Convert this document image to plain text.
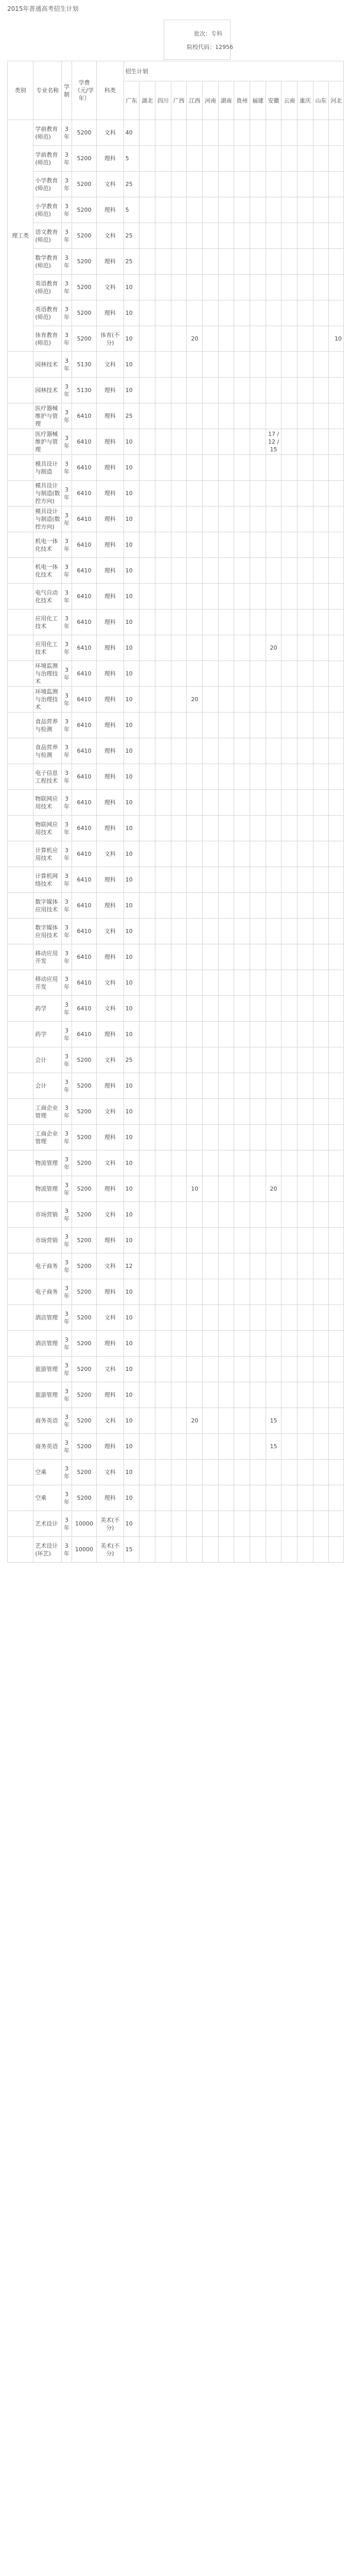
2015年普通高考招生计划
批次：专科
院校代码：12956
类别	专业名称	学制	学费（元/学年）	科类	招生计划													
					广东	湖北	四川	广西	江西	河南	湖南	贵州	福建	安徽	云南	重庆	山东	河北
理工类	学前教育(师范)	3年	5200	文科	40													
	学前教育(师范)	3年	5200	理科	5													
	小学教育(师范)	3年	5200	文科	25													
	小学教育(师范)	3年	5200	理科	5													
	语文教育(师范)	3年	5200	文科	25													
	数学教育(师范)	3年	5200	理科	25													
	英语教育(师范)	3年	5200	文科	10													
	英语教育(师范)	3年	5200	理科	10													
	体育教育(师范)	3年	5200	体育(不分)	10				20									10
	园林技术	3年	5130	文科	10													
	园林技术	3年	5130	理科	10													
	医疗器械维护与管理	3年	6410	理科	25													
	医疗器械维护与管理	3年	6410	理科	10									17 / 12 / 15				
	模具设计与制造	3年	6410	理科	10													
	模具设计与制造(数控方向)	3年	6410	理科	10													
	模具设计与制造(数控方向)	3年	6410	理科	10													
	机电一体化技术	3年	6410	理科	10													
	机电一体化技术	3年	6410	理科	10													
	电气自动化技术	3年	6410	理科	10													
	应用化工技术	3年	6410	理科	10													
	应用化工技术	3年	6410	理科	10									20				
	环境监测与治理技术	3年	6410	理科	10													
	环境监测与治理技术	3年	6410	理科	10				20									
	食品营养与检测	3年	6410	理科	10													
	食品营养与检测	3年	6410	理科	10													
	电子信息工程技术	3年	6410	理科	10													
	物联网应用技术	3年	6410	理科	10													
	物联网应用技术	3年	6410	理科	10													
	计算机应用技术	3年	6410	文科	10													
	计算机网络技术	3年	6410	理科	10													
	数字媒体应用技术	3年	6410	理科	10													
	数字媒体应用技术	3年	6410	文科	10													
	移动应用开发	3年	6410	理科	10													
	移动应用开发	3年	6410	文科	10													
	药学	3年	6410	文科	10													
	药学	3年	6410	理科	10													
	会计	3年	5200	文科	25													
	会计	3年	5200	理科	10													
	工商企业管理	3年	5200	文科	10													
	工商企业管理	3年	5200	理科	10													
	物流管理	3年	5200	文科	10													
	物流管理	3年	5200	理科	10				10					20				
	市场营销	3年	5200	文科	10													
	市场营销	3年	5200	理科	10													
	电子商务	3年	5200	文科	12													
	电子商务	3年	5200	理科	10													
	酒店管理	3年	5200	文科	10													
	酒店管理	3年	5200	理科	10													
	旅游管理	3年	5200	文科	10													
	旅游管理	3年	5200	理科	10													
	商务英语	3年	5200	文科	10				20					15				
	商务英语	3年	5200	理科	10									15				
	空乘	3年	5200	文科	10													
	空乘	3年	5200	理科	10													
	艺术设计	3年	10000	美术(不分)	10													
	艺术设计(环艺)	3年	10000	美术(不分)	15													
